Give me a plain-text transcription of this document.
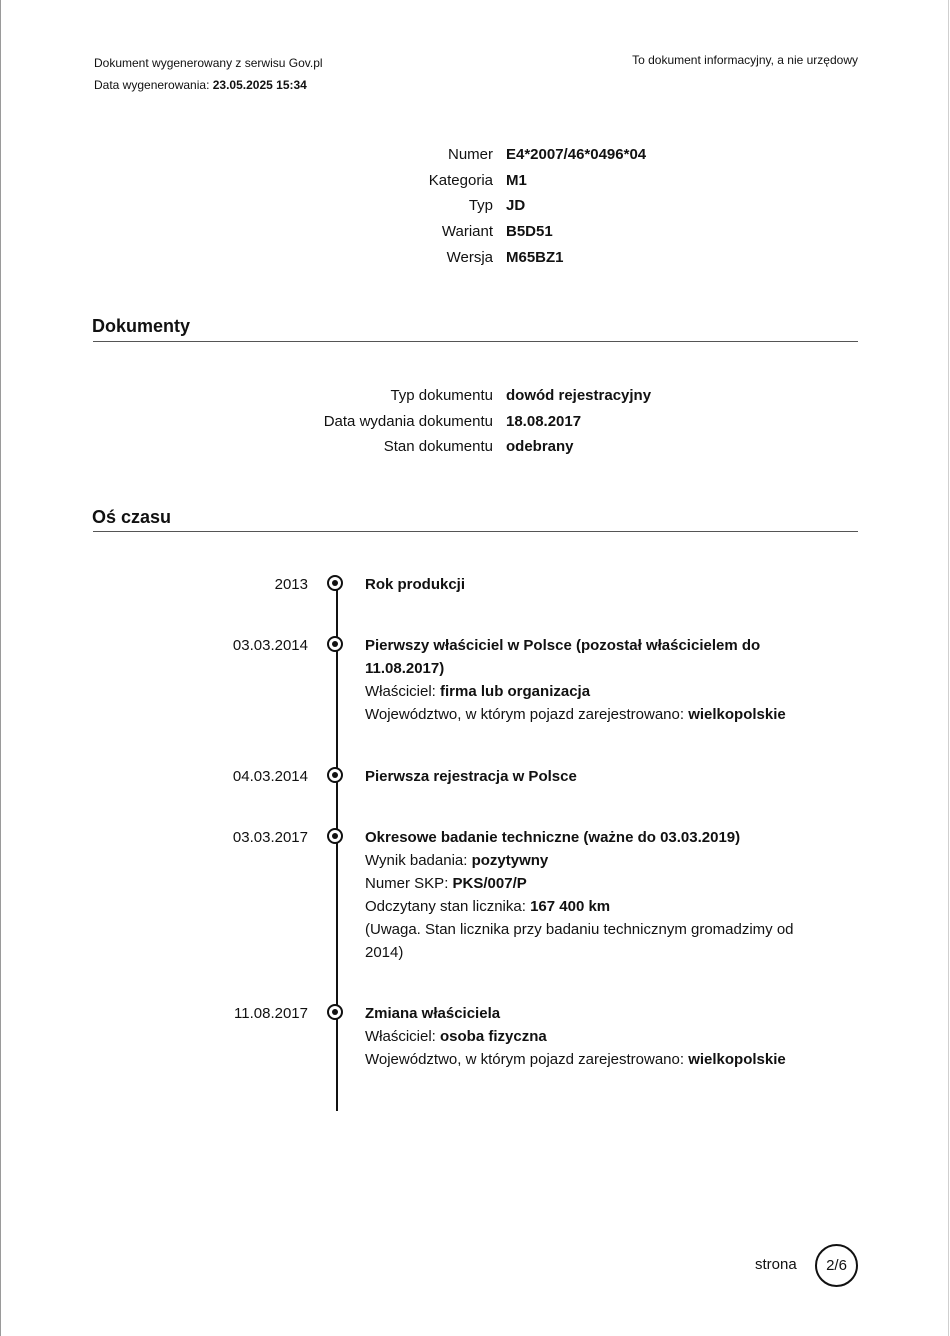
Dokument wygenerowany z serwisu Gov.pl
Data wygenerowania: 23.05.2025 15:34
To dokument informacyjny, a nie urzędowy
Numer E4*2007/46*0496*04
Kategoria M1
Typ JD
Wariant B5D51
Wersja M65BZ1
Dokumenty
Typ dokumentu dowód rejestracyjny
Data wydania dokumentu 18.08.2017
Stan dokumentu odebrany
Oś czasu
2013	Rok produkcji
03.03.2014	Pierwszy właściciel w Polsce (pozostał właścicielem do 11.08.2017)
Właściciel: firma lub organizacja
Województwo, w którym pojazd zarejestrowano: wielkopolskie
04.03.2014	Pierwsza rejestracja w Polsce
03.03.2017	Okresowe badanie techniczne (ważne do 03.03.2019)
Wynik badania: pozytywny
Numer SKP: PKS/007/P
Odczytany stan licznika: 167 400 km
(Uwaga. Stan licznika przy badaniu technicznym gromadzimy od 2014)
11.08.2017	Zmiana właściciela
Właściciel: osoba fizyczna
Województwo, w którym pojazd zarejestrowano: wielkopolskie
strona 2/6
